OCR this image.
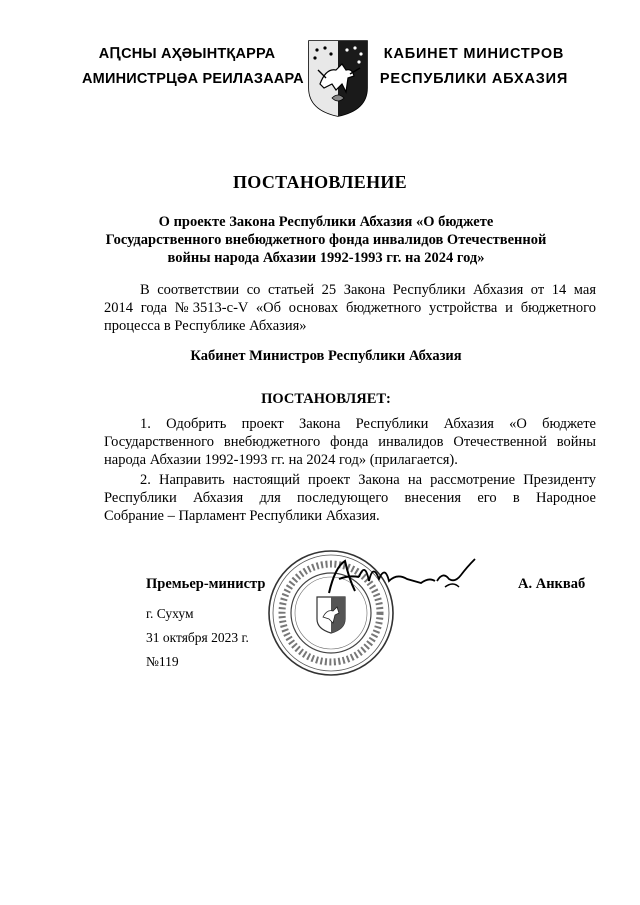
АԤСНЫ АҲӘЫНТҚАРРА
АМИНИСТРЦӘА РЕИЛАЗААРА
КАБИНЕТ МИНИСТРОВ
РЕСПУБЛИКИ АБХАЗИЯ
ПОСТАНОВЛЕНИЕ
О проекте Закона Республики Абхазия «О бюджете
Государственного внебюджетного фонда инвалидов Отечественной
войны народа Абхазии 1992-1993 гг. на 2024 год»
В соответствии со статьей 25 Закона Республики Абхазия от 14 мая
2014 года №3513-с-V «Об основах бюджетного устройства и бюджетного
процесса в Республике Абхазия»
Кабинет Министров Республики Абхазия
ПОСТАНОВЛЯЕТ:
1. Одобрить проект Закона Республики Абхазия «О бюджете
Государственного внебюджетного фонда инвалидов Отечественной войны
народа Абхазии 1992-1993 гг. на 2024 год» (прилагается).
2. Направить настоящий проект Закона на рассмотрение Президенту
Республики Абхазия для последующего внесения его в Народное
Собрание – Парламент Республики Абхазия.
Премьер-министр	А. Анкваб
г. Сухум
31 октября 2023 г.
№119
